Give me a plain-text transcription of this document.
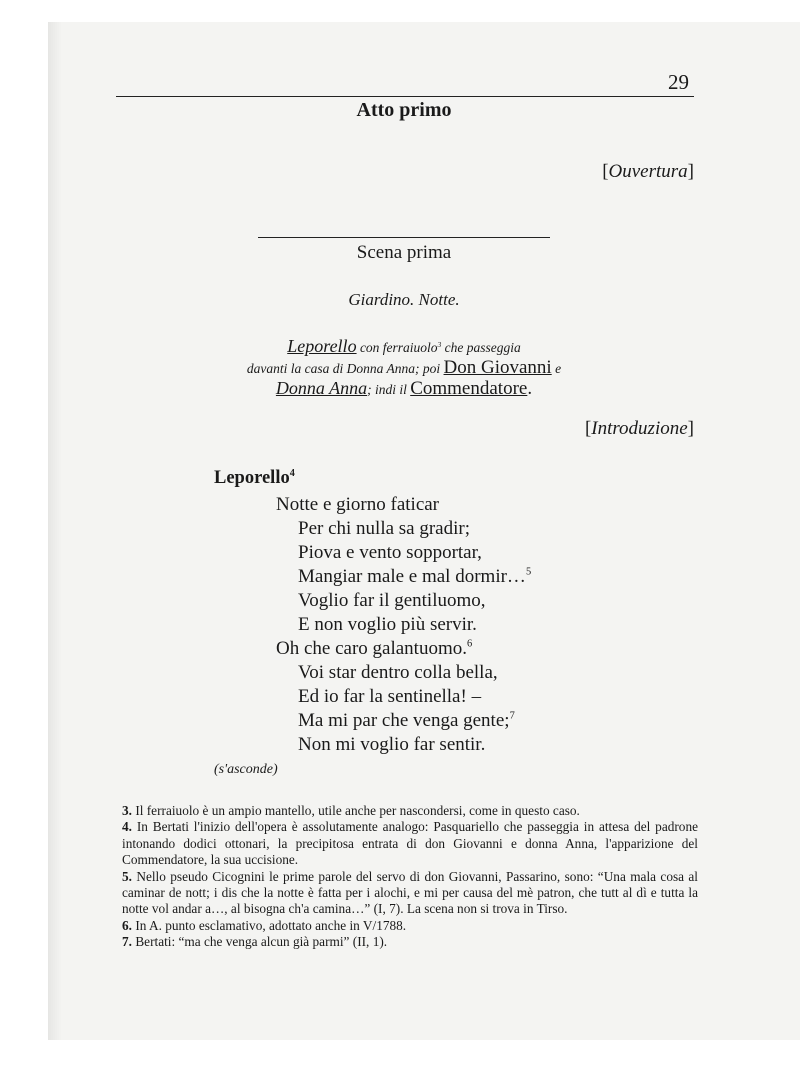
29
Atto primo
[Ouvertura]
Scena prima
Giardino. Notte.
Leporello con ferraiuolo$^3$ che passeggia
davanti la casa di Donna Anna; poi Don Giovanni e
Donna Anna; indi il Commendatore.
[Introduzione]
Leporello$^4$
Notte e giorno faticar
Per chi nulla sa gradir;
Piova e vento sopportar,
Mangiar male e mal dormir…$^5$
Voglio far il gentiluomo,
E non voglio più servir.
Oh che caro galantuomo.$^6$
Voi star dentro colla bella,
Ed io far la sentinella! –
Ma mi par che venga gente;$^7$
Non mi voglio far sentir.
(s'asconde)
3. Il ferraiuolo è un ampio mantello, utile anche per nascondersi, come in questo caso.
4. In Bertati l'inizio dell'opera è assolutamente analogo: Pasquariello che passeggia in attesa del padrone intonando dodici ottonari, la precipitosa entrata di don Giovanni e donna Anna, l'apparizione del Commendatore, la sua uccisione.
5. Nello pseudo Cicognini le prime parole del servo di don Giovanni, Passarino, sono: “Una mala cosa al caminar de nott; i dis che la notte è fatta per i alochi, e mi per causa del mè patron, che tutt al dì e tutta la notte vol andar a…, al bisogna ch'a camina…” (I, 7). La scena non si trova in Tirso.
6. In A. punto esclamativo, adottato anche in V/1788.
7. Bertati: “ma che venga alcun già parmi” (II, 1).
